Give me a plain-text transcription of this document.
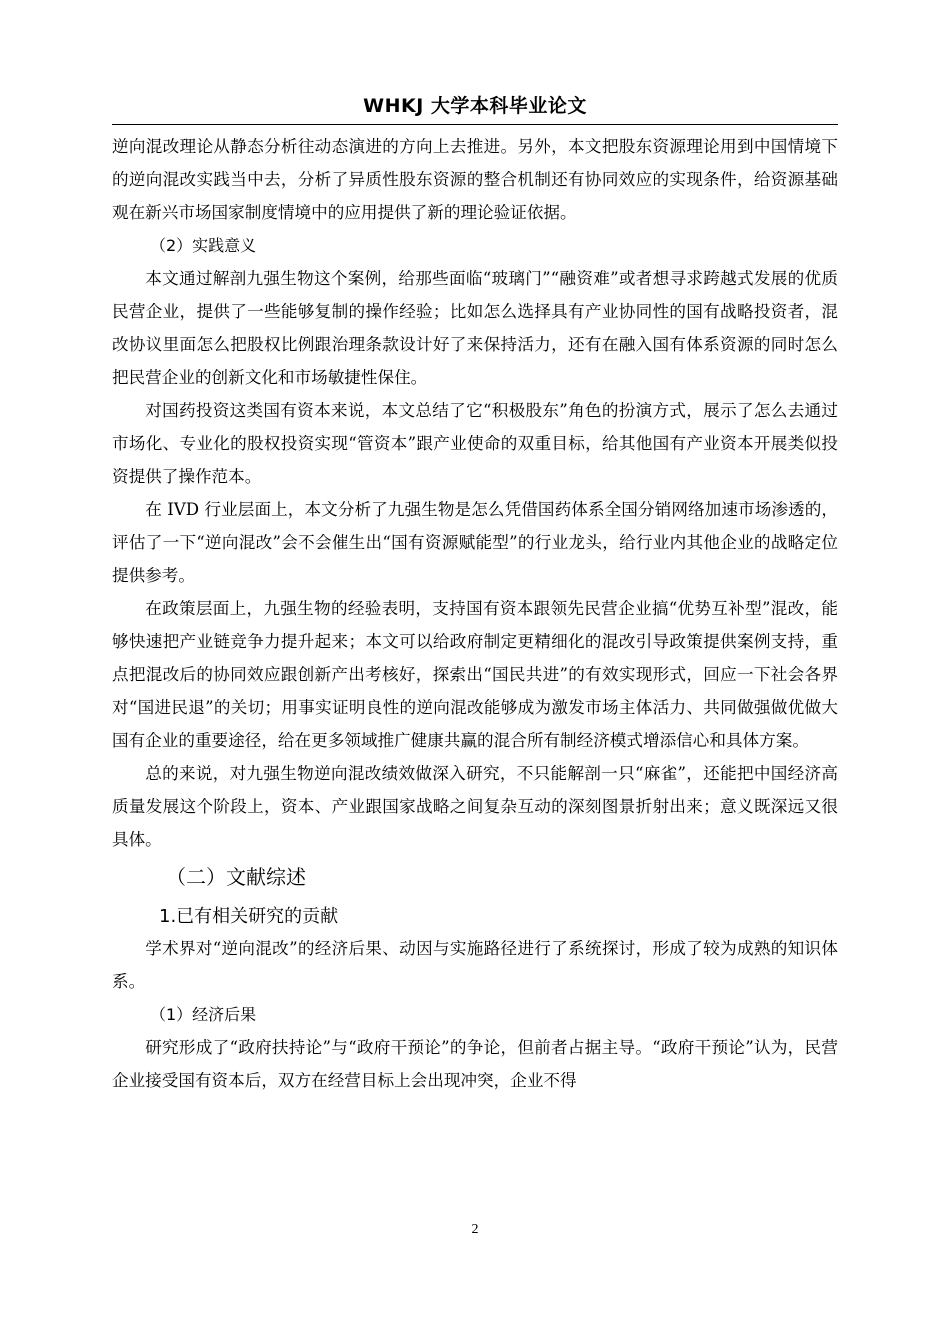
WHKJ 大学本科毕业论文

逆向混改理论从静态分析往动态演进的方向上去推进。另外，本文把股东资源理论用到中国情境下的逆向混改实践当中去，分析了异质性股东资源的整合机制还有协同效应的实现条件，给资源基础观在新兴市场国家制度情境中的应用提供了新的理论验证依据。

（2）实践意义

本文通过解剖九强生物这个案例，给那些面临“玻璃门”“融资难”或者想寻求跨越式发展的优质民营企业，提供了一些能够复制的操作经验；比如怎么选择具有产业协同性的国有战略投资者，混改协议里面怎么把股权比例跟治理条款设计好了来保持活力，还有在融入国有体系资源的同时怎么把民营企业的创新文化和市场敏捷性保住。

对国药投资这类国有资本来说，本文总结了它“积极股东”角色的扮演方式，展示了怎么去通过市场化、专业化的股权投资实现“管资本”跟产业使命的双重目标，给其他国有产业资本开展类似投资提供了操作范本。

在 IVD 行业层面上，本文分析了九强生物是怎么凭借国药体系全国分销网络加速市场渗透的，评估了一下“逆向混改”会不会催生出“国有资源赋能型”的行业龙头，给行业内其他企业的战略定位提供参考。

在政策层面上，九强生物的经验表明，支持国有资本跟领先民营企业搞“优势互补型”混改，能够快速把产业链竞争力提升起来；本文可以给政府制定更精细化的混改引导政策提供案例支持，重点把混改后的协同效应跟创新产出考核好，探索出“国民共进”的有效实现形式，回应一下社会各界对“国进民退”的关切；用事实证明良性的逆向混改能够成为激发市场主体活力、共同做强做优做大国有企业的重要途径，给在更多领域推广健康共赢的混合所有制经济模式增添信心和具体方案。

总的来说，对九强生物逆向混改绩效做深入研究，不只能解剖一只“麻雀”，还能把中国经济高质量发展这个阶段上，资本、产业跟国家战略之间复杂互动的深刻图景折射出来；意义既深远又很具体。

（二）文献综述
1.已有相关研究的贡献

学术界对“逆向混改”的经济后果、动因与实施路径进行了系统探讨，形成了较为成熟的知识体系。

（1）经济后果

研究形成了“政府扶持论”与“政府干预论”的争论，但前者占据主导。“政府干预论”认为，民营企业接受国有资本后，双方在经营目标上会出现冲突，企业不得

2
